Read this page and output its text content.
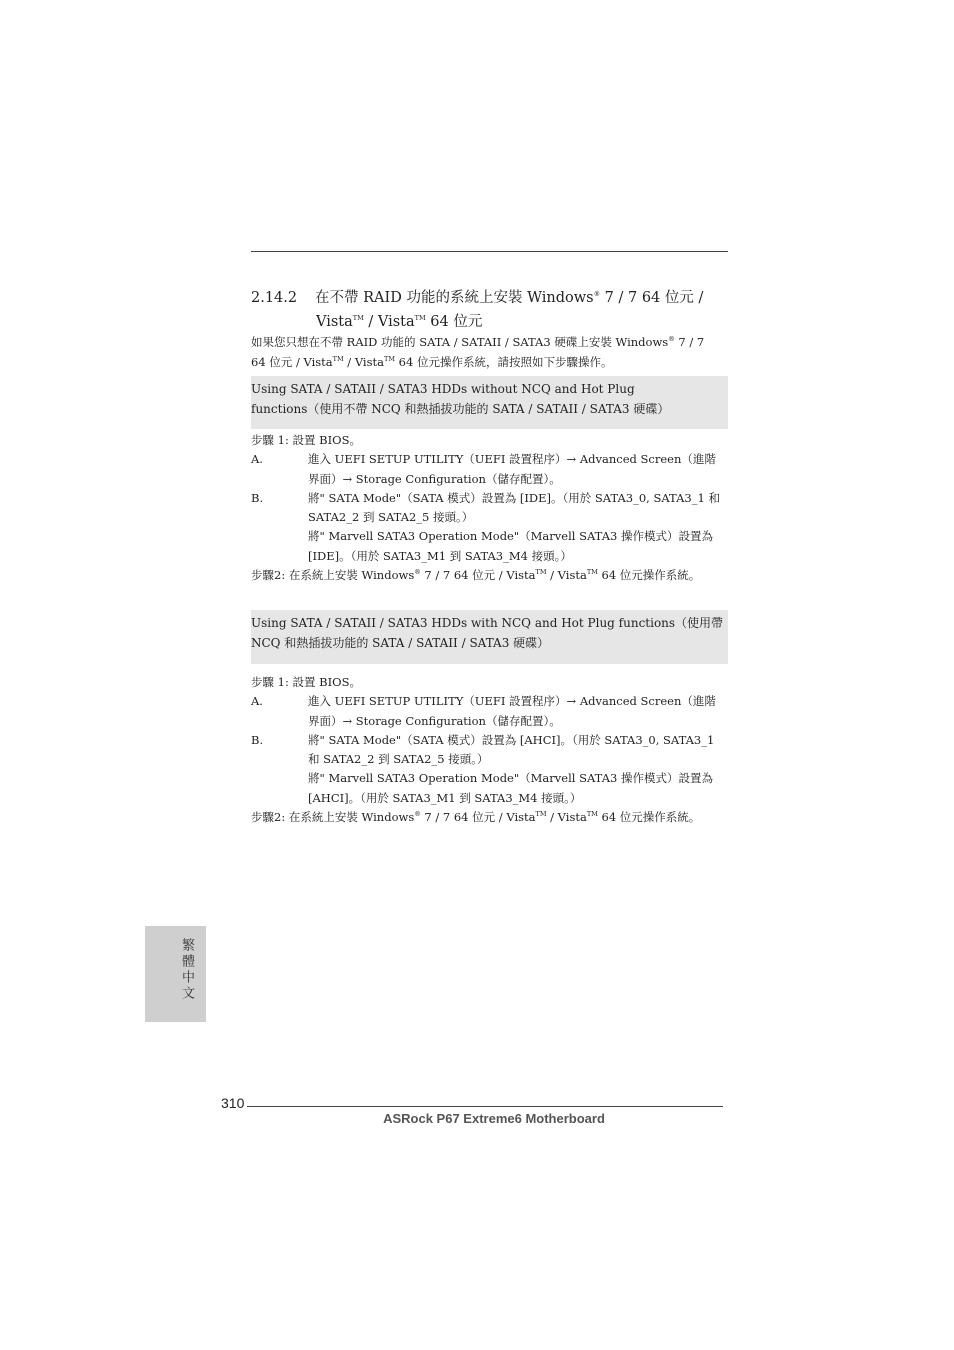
2.14.2 在不帶 RAID 功能的系統上安裝 Windows® 7 / 7 64 位元 /
Vista™ / Vista™ 64 位元
如果您只想在不帶 RAID 功能的 SATA / SATAII / SATA3 硬碟上安裝 Windows® 7 / 7
64 位元 / Vista™ / Vista™ 64 位元操作系統，請按照如下步驟操作。
Using SATA / SATAII / SATA3 HDDs without NCQ and Hot Plug
functions（使用不帶 NCQ 和熱插拔功能的 SATA / SATAII / SATA3 硬碟）
步驟 1: 設置 BIOS。
A.	進入 UEFI SETUP UTILITY（UEFI 設置程序）→ Advanced Screen（進階
界面）→ Storage Configuration（儲存配置）。
B.	將" SATA Mode"（SATA 模式）設置為 [IDE]。（用於 SATA3_0, SATA3_1 和
SATA2_2 到 SATA2_5 接頭。）
將" Marvell SATA3 Operation Mode"（Marvell SATA3 操作模式）設置為
[IDE]。（用於 SATA3_M1 到 SATA3_M4 接頭。）
步驟2: 在系統上安裝 Windows® 7 / 7 64 位元 / Vista™ / Vista™ 64 位元操作系統。
Using SATA / SATAII / SATA3 HDDs with NCQ and Hot Plug functions（使用帶
NCQ 和熱插拔功能的 SATA / SATAII / SATA3 硬碟）
步驟 1: 設置 BIOS。
A.	進入 UEFI SETUP UTILITY（UEFI 設置程序）→ Advanced Screen（進階
界面）→ Storage Configuration（儲存配置）。
B.	將" SATA Mode"（SATA 模式）設置為 [AHCI]。（用於 SATA3_0, SATA3_1
和 SATA2_2 到 SATA2_5 接頭。）
將" Marvell SATA3 Operation Mode"（Marvell SATA3 操作模式）設置為
[AHCI]。（用於 SATA3_M1 到 SATA3_M4 接頭。）
步驟2: 在系統上安裝 Windows® 7 / 7 64 位元 / Vista™ / Vista™ 64 位元操作系統。
繁體中文
310
ASRock P67 Extreme6 Motherboard
